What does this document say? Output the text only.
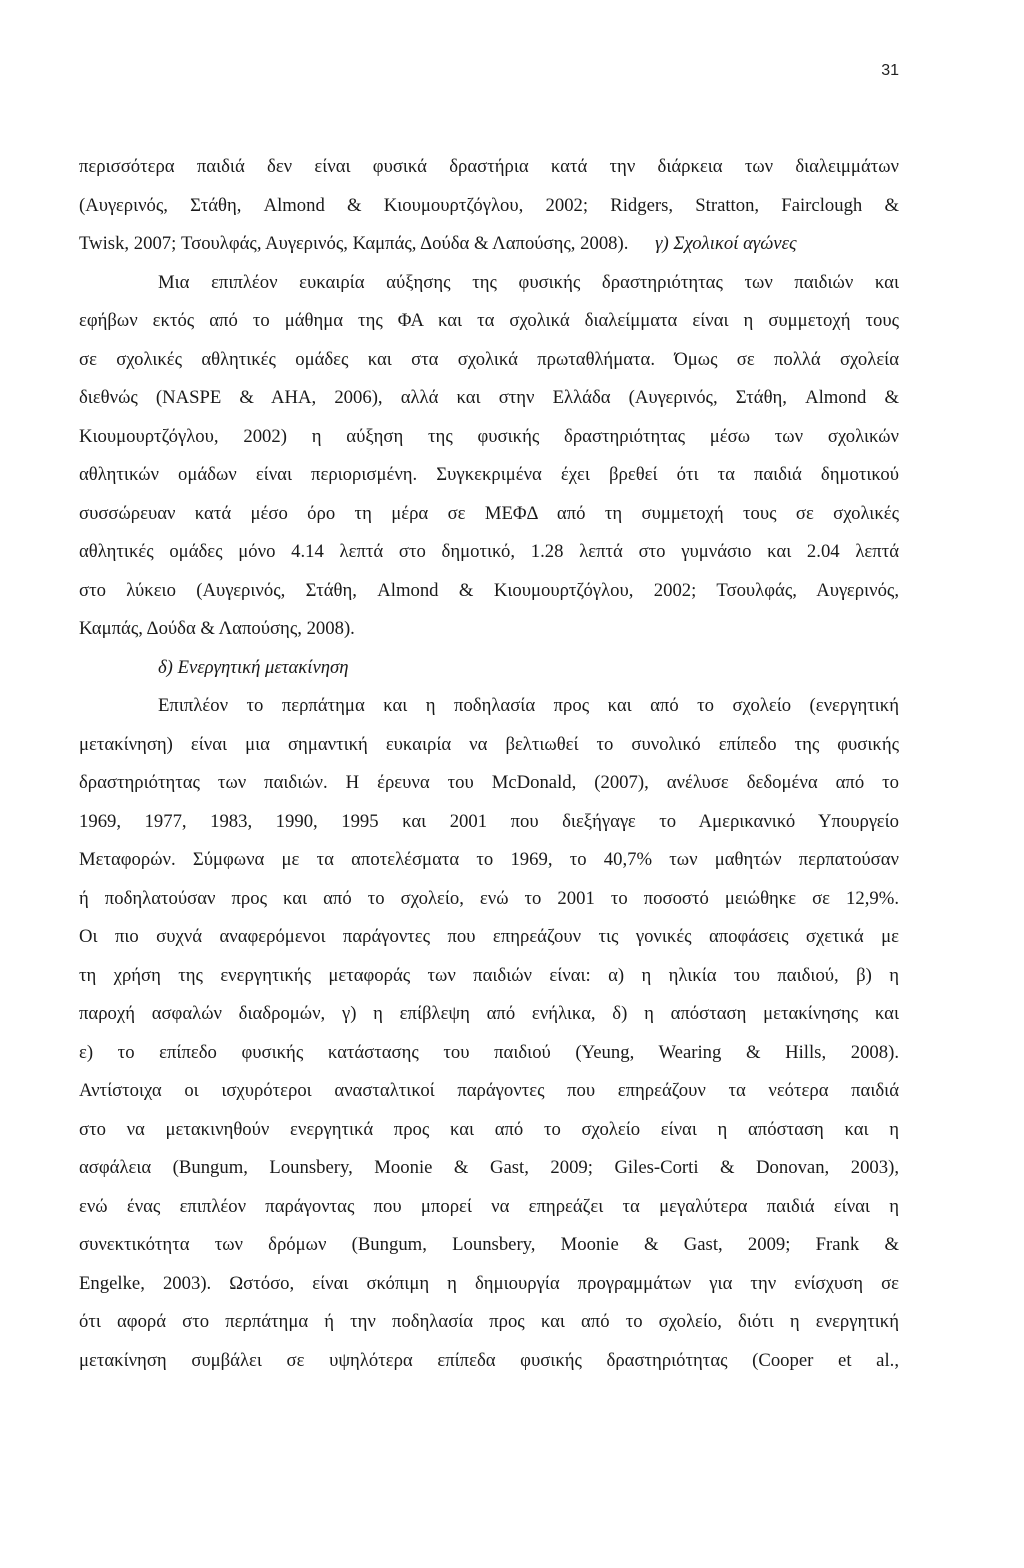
31
περισσότερα παιδιά δεν είναι φυσικά δραστήρια κατά την διάρκεια των διαλειμμάτων
(Αυγερινός, Στάθη, Almond & Κιουμουρτζόγλου, 2002; Ridgers, Stratton, Fairclough &
Twisk, 2007; Τσουλφάς, Αυγερινός, Καμπάς, Δούδα & Λαπούσης, 2008). γ) Σχολικοί αγώνες
Μια επιπλέον ευκαιρία αύξησης της φυσικής δραστηριότητας των παιδιών και
εφήβων εκτός από το μάθημα της ΦΑ και τα σχολικά διαλείμματα είναι η συμμετοχή τους
σε σχολικές αθλητικές ομάδες και στα σχολικά πρωταθλήματα. Όμως σε πολλά σχολεία
διεθνώς (NASPE & AHA, 2006), αλλά και στην Ελλάδα (Αυγερινός, Στάθη, Almond &
Κιουμουρτζόγλου, 2002) η αύξηση της φυσικής δραστηριότητας μέσω των σχολικών
αθλητικών ομάδων είναι περιορισμένη. Συγκεκριμένα έχει βρεθεί ότι τα παιδιά δημοτικού
συσσώρευαν κατά μέσο όρο τη μέρα σε ΜΕΦΔ από τη συμμετοχή τους σε σχολικές
αθλητικές ομάδες μόνο 4.14 λεπτά στο δημοτικό, 1.28 λεπτά στο γυμνάσιο και 2.04 λεπτά
στο λύκειο (Αυγερινός, Στάθη, Almond & Κιουμουρτζόγλου, 2002; Τσουλφάς, Αυγερινός,
Καμπάς, Δούδα & Λαπούσης, 2008).
δ) Ενεργητική μετακίνηση
Επιπλέον το περπάτημα και η ποδηλασία προς και από το σχολείο (ενεργητική
μετακίνηση) είναι μια σημαντική ευκαιρία να βελτιωθεί το συνολικό επίπεδο της φυσικής
δραστηριότητας των παιδιών. Η έρευνα του McDonald, (2007), ανέλυσε δεδομένα από το
1969, 1977, 1983, 1990, 1995 και 2001 που διεξήγαγε το Αμερικανικό Υπουργείο
Μεταφορών. Σύμφωνα με τα αποτελέσματα το 1969, το 40,7% των μαθητών περπατούσαν
ή ποδηλατούσαν προς και από το σχολείο, ενώ το 2001 το ποσοστό μειώθηκε σε 12,9%.
Οι πιο συχνά αναφερόμενοι παράγοντες που επηρεάζουν τις γονικές αποφάσεις σχετικά με
τη χρήση της ενεργητικής μεταφοράς των παιδιών είναι: α) η ηλικία του παιδιού, β) η
παροχή ασφαλών διαδρομών, γ) η επίβλεψη από ενήλικα, δ) η απόσταση μετακίνησης και
ε) το επίπεδο φυσικής κατάστασης του παιδιού (Yeung, Wearing & Hills, 2008).
Αντίστοιχα οι ισχυρότεροι ανασταλτικοί παράγοντες που επηρεάζουν τα νεότερα παιδιά
στο να μετακινηθούν ενεργητικά προς και από το σχολείο είναι η απόσταση και η
ασφάλεια (Bungum, Lounsbery, Moonie & Gast, 2009; Giles-Corti & Donovan, 2003),
ενώ ένας επιπλέον παράγοντας που μπορεί να επηρεάζει τα μεγαλύτερα παιδιά είναι η
συνεκτικότητα των δρόμων (Bungum, Lounsbery, Moonie & Gast, 2009; Frank &
Engelke, 2003). Ωστόσο, είναι σκόπιμη η δημιουργία προγραμμάτων για την ενίσχυση σε
ότι αφορά στο περπάτημα ή την ποδηλασία προς και από το σχολείο, διότι η ενεργητική
μετακίνηση συμβάλει σε υψηλότερα επίπεδα φυσικής δραστηριότητας (Cooper et al.,
